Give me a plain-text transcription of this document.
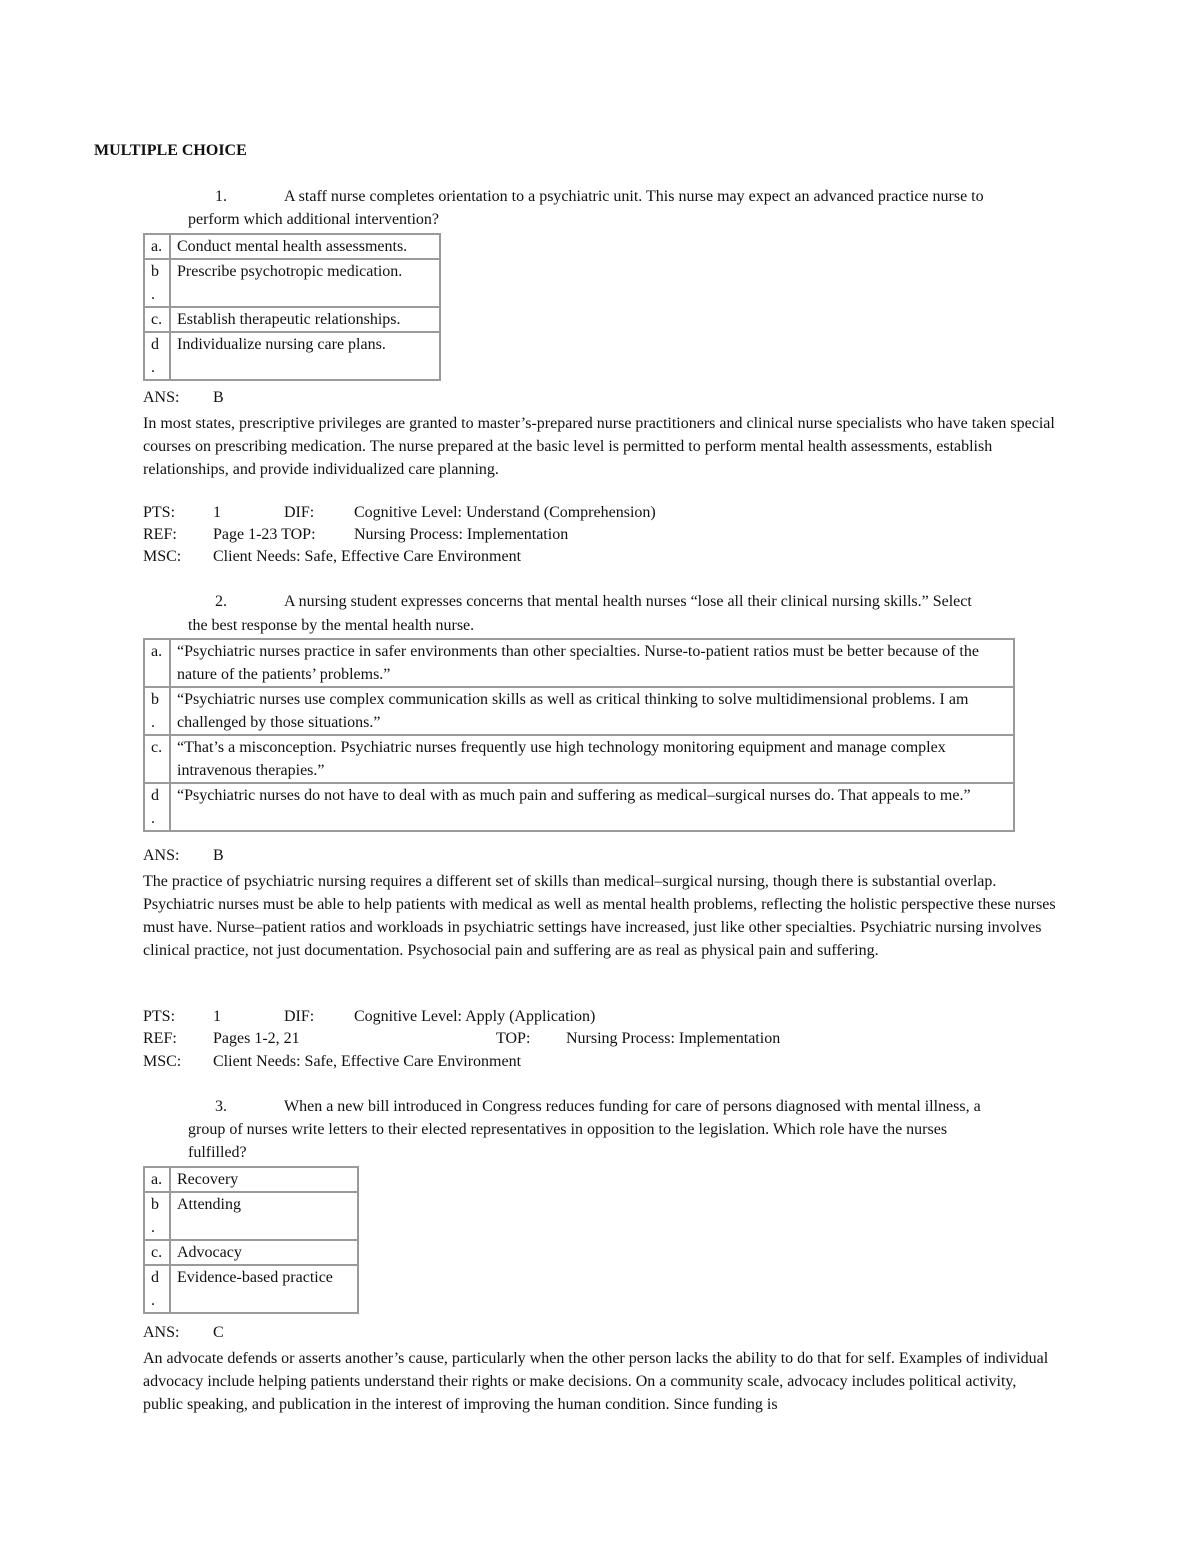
MULTIPLE CHOICE
1.	A staff nurse completes orientation to a psychiatric unit. This nurse may expect an advanced practice nurse to
perform which additional intervention?
a.	Conduct mental health assessments.
b
.	Prescribe psychotropic medication.
c.	Establish therapeutic relationships.
d
.	Individualize nursing care plans.
ANS: B
In most states, prescriptive privileges are granted to master’s-prepared nurse practitioners and clinical nurse specialists who have taken special courses on prescribing medication. The nurse prepared at the basic level is permitted to perform mental health assessments, establish relationships, and provide individualized care planning.
PTS: 1	DIF: Cognitive Level: Understand (Comprehension)
REF: Page 1-23 TOP: Nursing Process: Implementation
MSC: Client Needs: Safe, Effective Care Environment
2.	A nursing student expresses concerns that mental health nurses “lose all their clinical nursing skills.” Select
the best response by the mental health nurse.
a.	“Psychiatric nurses practice in safer environments than other specialties. Nurse-to-patient ratios must be better because of the nature of the patients’ problems.”
b
.	“Psychiatric nurses use complex communication skills as well as critical thinking to solve multidimensional problems. I am challenged by those situations.”
c.	“That’s a misconception. Psychiatric nurses frequently use high technology monitoring equipment and manage complex intravenous therapies.”
d
.	“Psychiatric nurses do not have to deal with as much pain and suffering as medical–surgical nurses do. That appeals to me.”
ANS: B
The practice of psychiatric nursing requires a different set of skills than medical–surgical nursing, though there is substantial overlap. Psychiatric nurses must be able to help patients with medical as well as mental health problems, reflecting the holistic perspective these nurses must have. Nurse–patient ratios and workloads in psychiatric settings have increased, just like other specialties. Psychiatric nursing involves clinical practice, not just documentation. Psychosocial pain and suffering are as real as physical pain and suffering.
PTS: 1	DIF: Cognitive Level: Apply (Application)
REF: Pages 1-2, 21	TOP: Nursing Process: Implementation
MSC: Client Needs: Safe, Effective Care Environment
3.	When a new bill introduced in Congress reduces funding for care of persons diagnosed with mental illness, a
group of nurses write letters to their elected representatives in opposition to the legislation. Which role have the nurses
fulfilled?
a.	Recovery
b
.	Attending
c.	Advocacy
d
.	Evidence-based practice
ANS: C
An advocate defends or asserts another’s cause, particularly when the other person lacks the ability to do that for self. Examples of individual advocacy include helping patients understand their rights or make decisions. On a community scale, advocacy includes political activity, public speaking, and publication in the interest of improving the human condition. Since funding is
